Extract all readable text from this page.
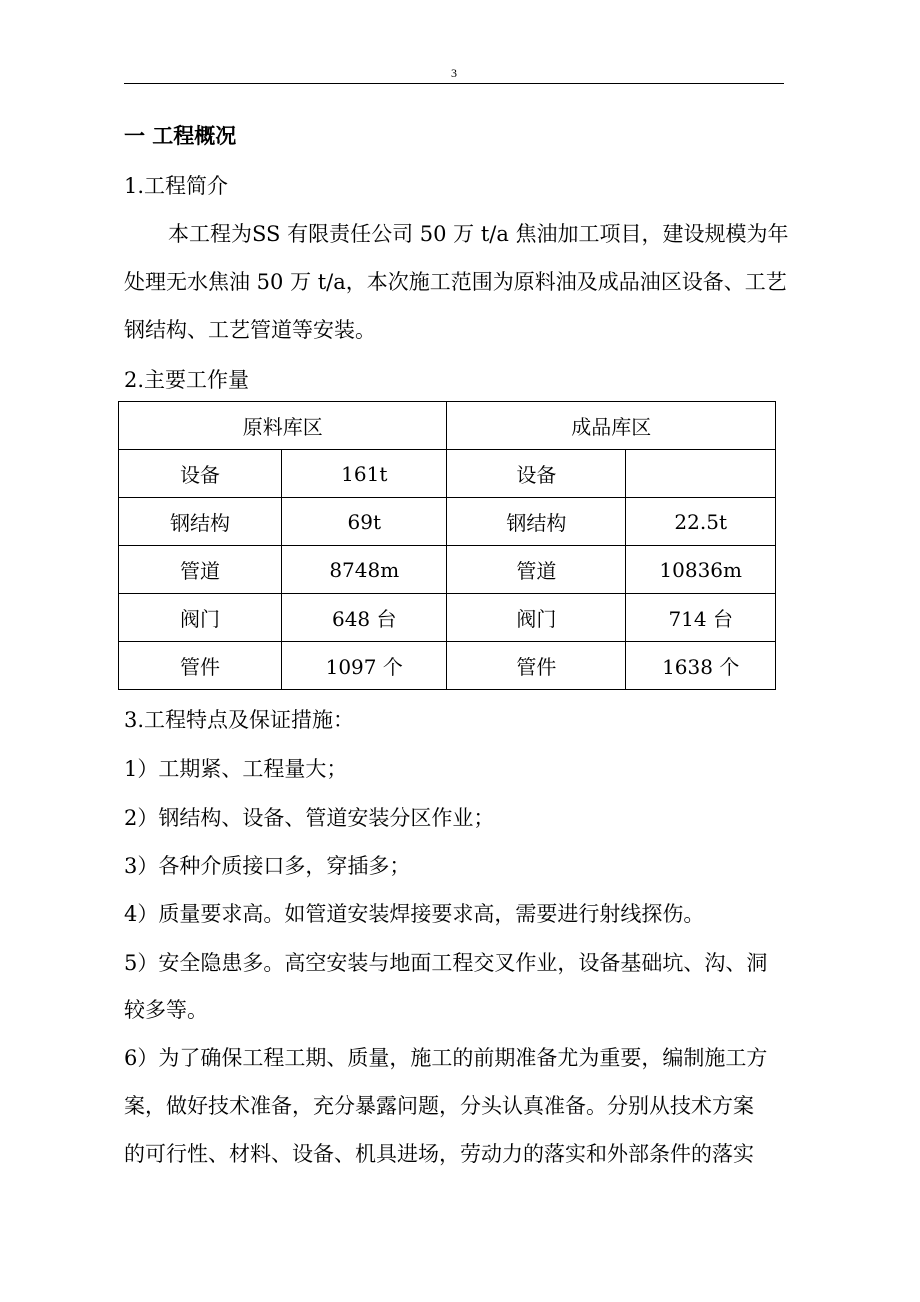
3
一 工程概况
1.工程简介
本工程为SS 有限责任公司 50 万 t/a 焦油加工项目，建设规模为年
处理无水焦油 50 万 t/a，本次施工范围为原料油及成品油区设备、工艺
钢结构、工艺管道等安装。
2.主要工作量
原料库区		成品库区	
设备	161t	设备	
钢结构	69t	钢结构	22.5t
管道	8748m	管道	10836m
阀门	648 台	阀门	714 台
管件	1097 个	管件	1638 个
3.工程特点及保证措施：
1）工期紧、工程量大；
2）钢结构、设备、管道安装分区作业；
3）各种介质接口多，穿插多；
4）质量要求高。如管道安装焊接要求高，需要进行射线探伤。
5）安全隐患多。高空安装与地面工程交叉作业，设备基础坑、沟、洞
较多等。
6）为了确保工程工期、质量，施工的前期准备尤为重要，编制施工方
案，做好技术准备，充分暴露问题，分头认真准备。分别从技术方案
的可行性、材料、设备、机具进场，劳动力的落实和外部条件的落实
